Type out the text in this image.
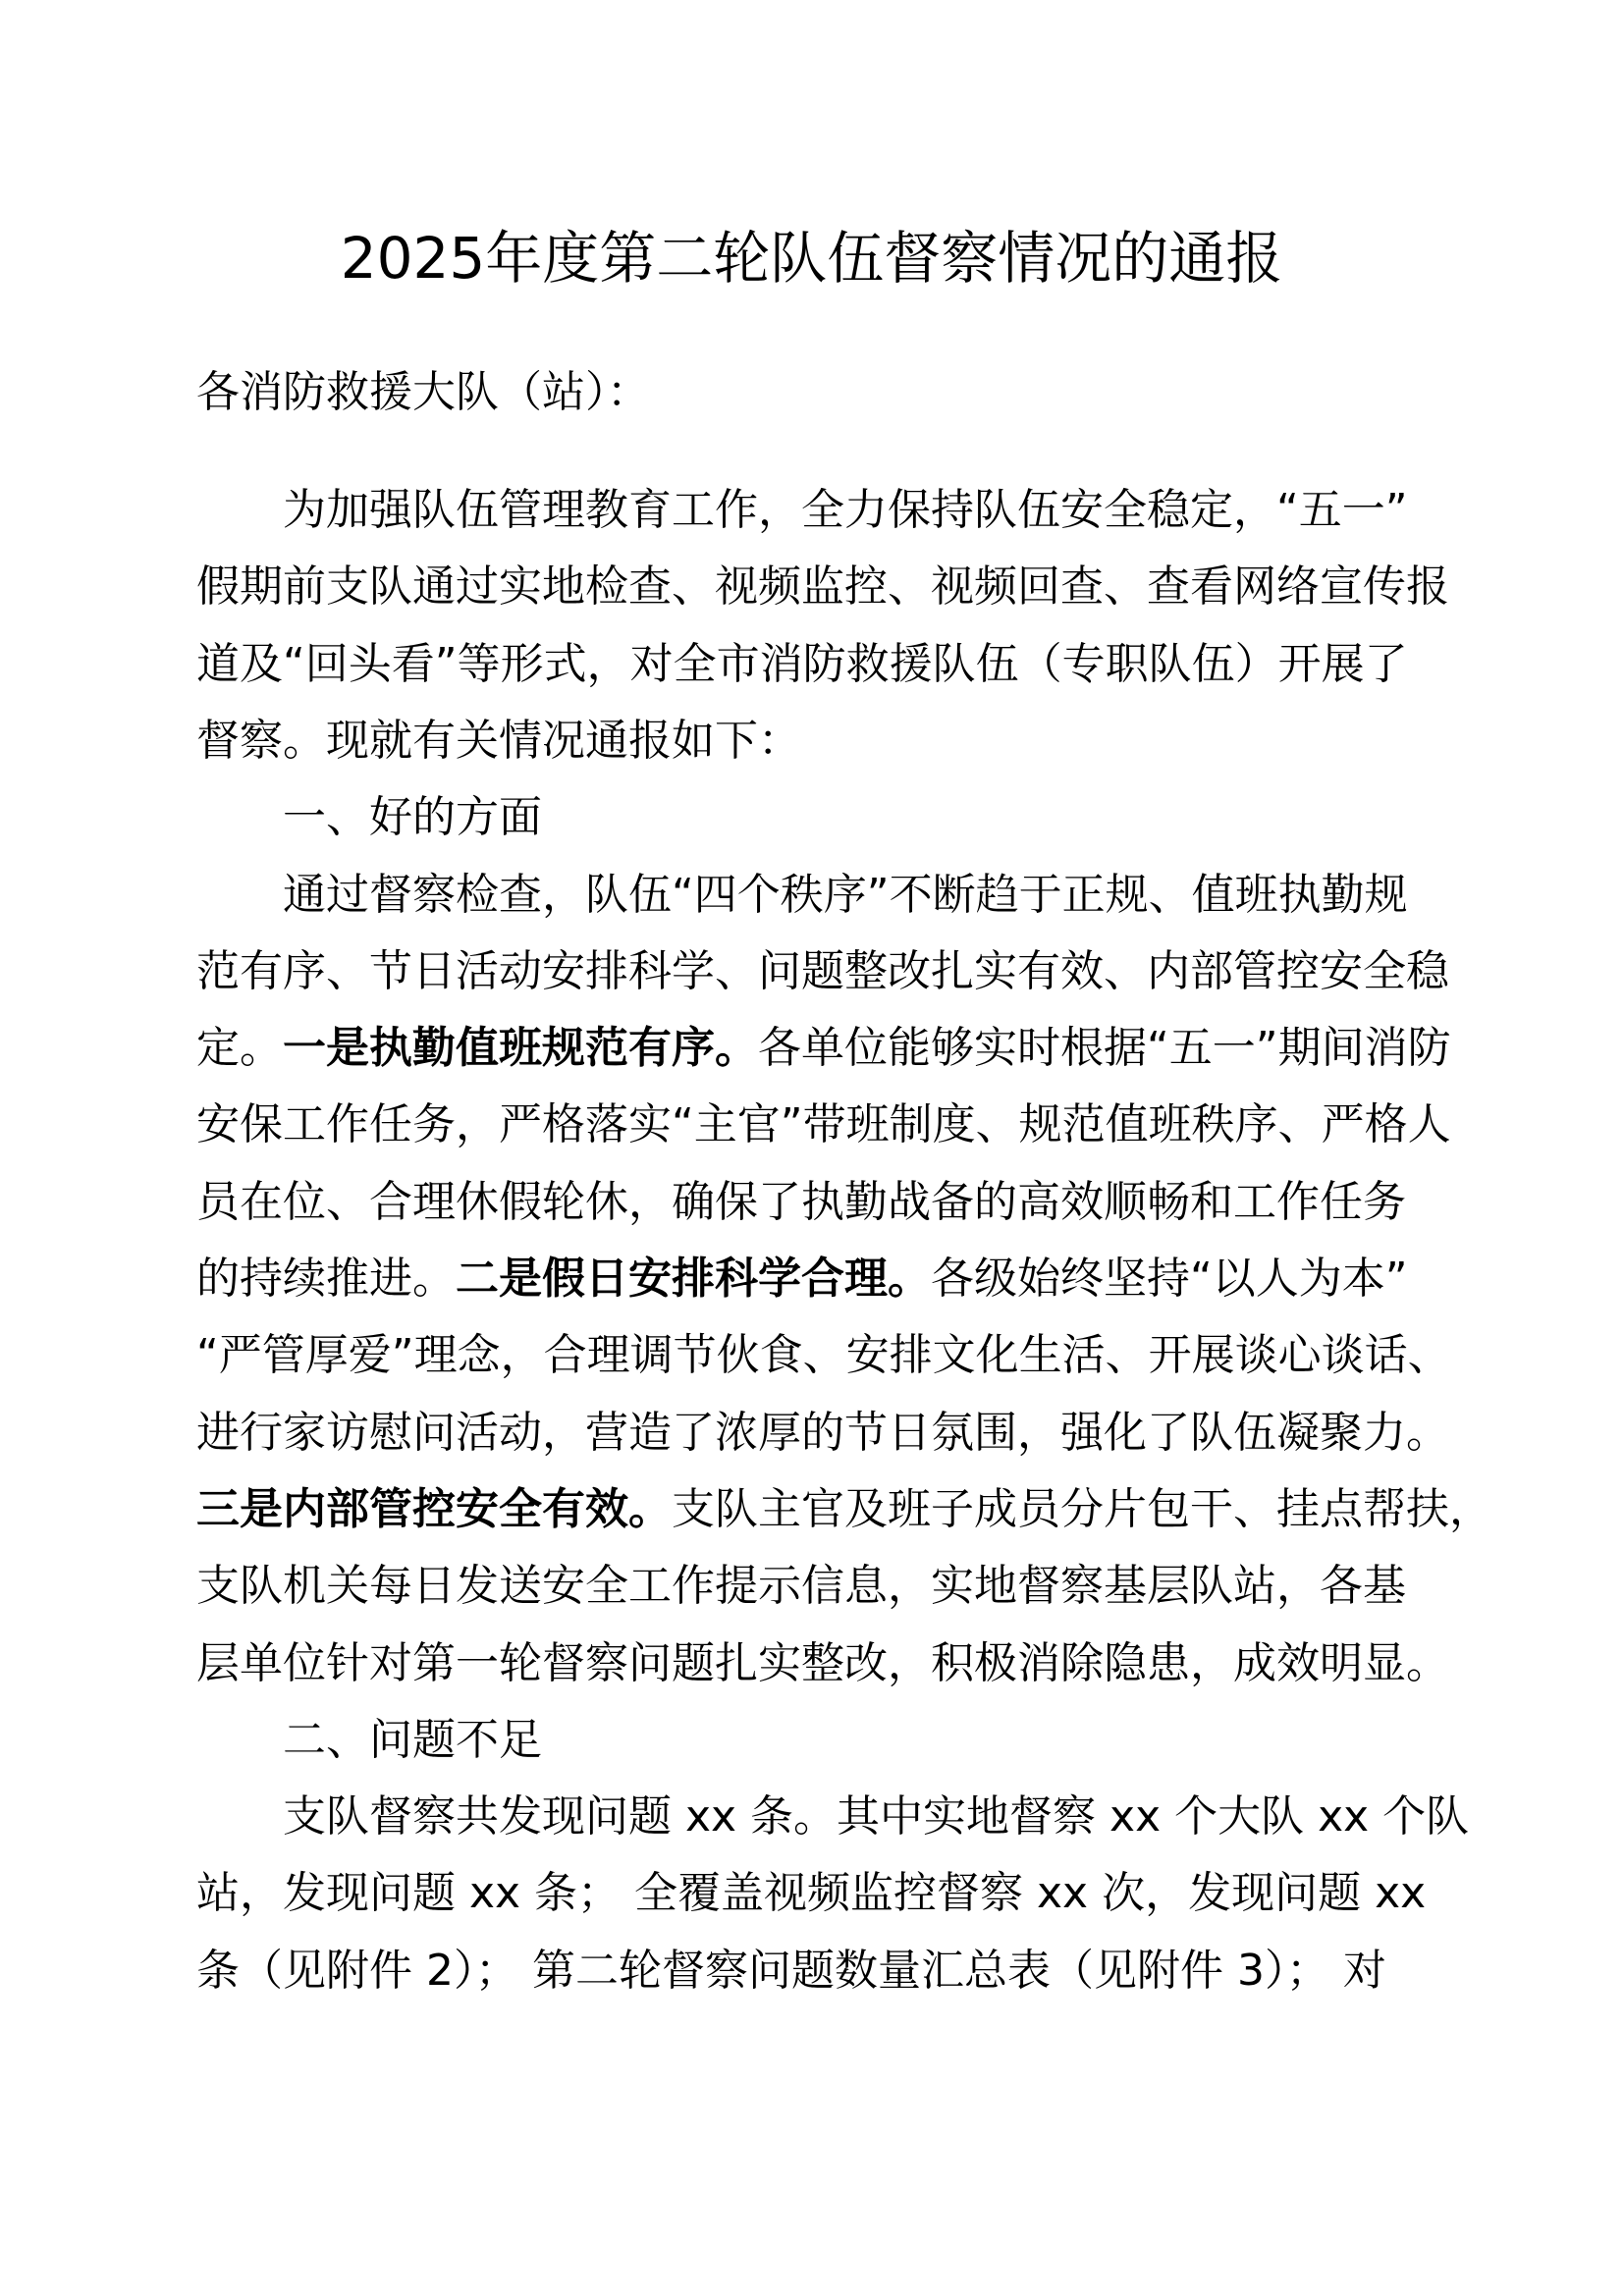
2025年度第二轮队伍督察情况的通报
各消防救援大队（站）：
为加强队伍管理教育工作，全力保持队伍安全稳定，“五一”
假期前支队通过实地检查、视频监控、视频回查、查看网络宣传报
道及“回头看”等形式，对全市消防救援队伍（专职队伍）开展了
督察。现就有关情况通报如下：
一、好的方面
通过督察检查，队伍“四个秩序”不断趋于正规、值班执勤规
范有序、节日活动安排科学、问题整改扎实有效、内部管控安全稳
定。一是执勤值班规范有序。各单位能够实时根据“五一”期间消防
安保工作任务，严格落实“主官”带班制度、规范值班秩序、严格人
员在位、合理休假轮休，确保了执勤战备的高效顺畅和工作任务
的持续推进。二是假日安排科学合理。各级始终坚持“以人为本”
“严管厚爱”理念，合理调节伙食、安排文化生活、开展谈心谈话、
进行家访慰问活动，营造了浓厚的节日氛围，强化了队伍凝聚力。
三是内部管控安全有效。支队主官及班子成员分片包干、挂点帮扶，
支队机关每日发送安全工作提示信息，实地督察基层队站，各基
层单位针对第一轮督察问题扎实整改，积极消除隐患，成效明显。
二、问题不足
支队督察共发现问题 xx 条。其中实地督察 xx 个大队 xx 个队
站，发现问题 xx 条； 全覆盖视频监控督察 xx 次，发现问题 xx
条（见附件 2）； 第二轮督察问题数量汇总表（见附件 3）； 对
